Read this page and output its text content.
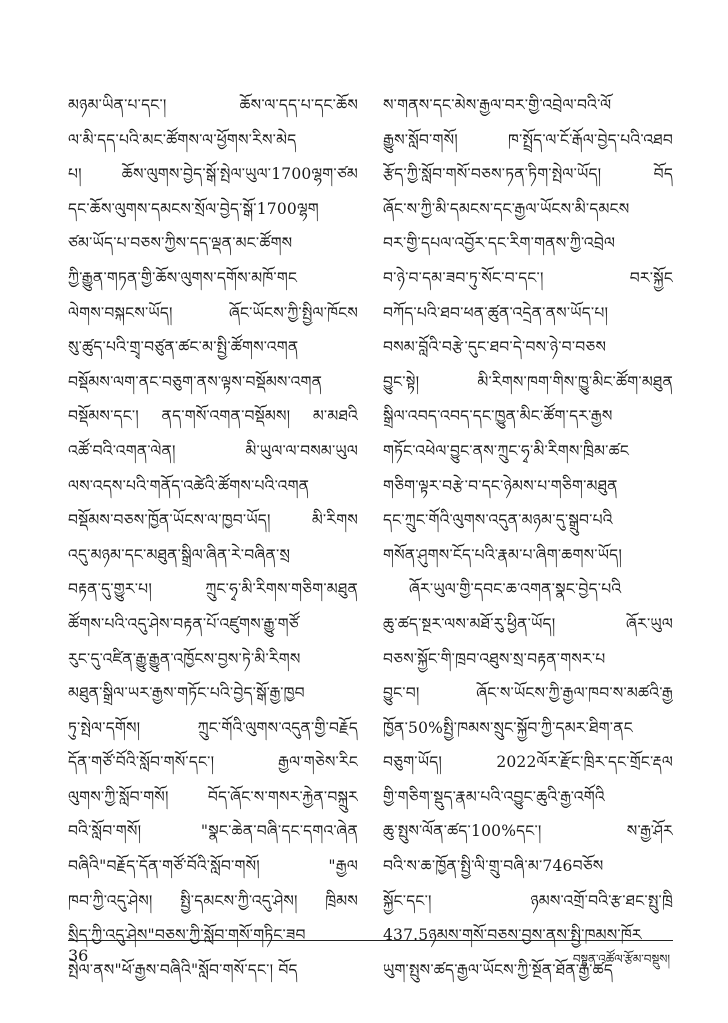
མཉམ་ཡིན་པ་དང་། ཆོས་ལ་དད་པ་དང་ཆོས
ལ་མི་དད་པའི་མང་ཚོགས་ལ་ཕྱོགས་རིས་མེད
པ། ཆོས་ལུགས་བྱེད་སྒོ་སྤེལ་ཡུལ་1700ལྷག་ཙམ
དང་ཆོས་ལུགས་དམངས་སྲོལ་བྱེད་སྒོ་1700ལྷག
ཙམ་ཡོད་པ་བཅས་ཀྱིས་དད་ལྡན་མང་ཚོགས
ཀྱི་རྒྱུན་གཏན་གྱི་ཆོས་ལུགས་དགོས་མཁོ་གང
ལེགས་བསྐངས་ཡོད། ཞོང་ཡོངས་ཀྱི་སྤྱིལ་ཁོངས
སུ་ཚུད་པའི་གྲྭ་བཙུན་ཚང་མ་སྤྱི་ཚོགས་འགན
བསྡོམས་ལག་ནང་བཅུག་ནས་ལྟས་བསྡོམས་འགན
བསྡོམས་དང་། ནད་གསོ་འགན་བསྡོམས། མ་མཐའི
འཚོ་བའི་འགན་ལེན། མི་ཡུལ་ལ་བསམ་ཡུལ
ལས་འདས་པའི་གནོད་འཚེའི་ཚོགས་པའི་འགན
བསྡོམས་བཅས་ཁྱོན་ཡོངས་ལ་ཁྱབ་ཡོད། མི་རིགས
འདུ་མཉམ་དང་མཐུན་སྒྲིལ་ཞིན་རེ་བཞིན་སྲ
བརྟན་དུ་གྱུར་པ། ཀྲུང་ཧྭ་མི་རིགས་གཅིག་མཐུན
ཚོགས་པའི་འདུ་ཤེས་བརྟན་པོ་འཛུགས་རྒྱུ་གཙོ
རུང་དུ་འཛིན་རྒྱུ་རྒྱུན་འཁྱོངས་བྱས་ཏེ་མི་རིགས
མཐུན་སྒྲིལ་ཡར་རྒྱས་གཏོང་པའི་བྱེད་སྒོ་རྒྱ་ཁྱབ
ཏུ་སྤེལ་དགོས། ཀྲུང་གོའི་ལུགས་འདུན་གྱི་བརྗོད
དོན་གཙོ་བོའི་སློབ་གསོ་དང་། རྒྱལ་གཅེས་རིང
ལུགས་ཀྱི་སློབ་གསོ། བོད་ཞོང་ས་གསར་རྐྱེན་བསྐྲུར
བའི་སློབ་གསོ། "སྣང་ཆེན་བཞི་དང་དགའ་ཞེན
བཞིའི"བརྗོད་དོན་གཙོ་བོའི་སློབ་གསོ། "རྒྱལ
ཁབ་ཀྱི་འདུ་ཤེས། སྤྱི་དམངས་ཀྱི་འདུ་ཤེས། ཁྲིམས
སྲིད་ཀྱི་འདུ་ཤེས"བཅས་ཀྱི་སློབ་གསོ་གཏིང་ཟབ
སྤེལ་ནས"ཕོ་རྒྱས་བཞིའི"སློབ་གསོ་དང་། བོད
ས་གནས་དང་མེས་རྒྱལ་བར་གྱི་འབྲེལ་བའི་ལོ
རྒྱུས་སློབ་གསོ། ཁ་སྤྲོད་ལ་ངོ་རྒོལ་བྱེད་པའི་འཐབ
རྩོད་ཀྱི་སློབ་གསོ་བཅས་ཏན་ཏིག་སྤེལ་ཡོད། བོད
ཞོང་ས་ཀྱི་མི་དམངས་དང་རྒྱལ་ཡོངས་མི་དམངས
བར་གྱི་དཔལ་འབྱོར་དང་རིག་གནས་ཀྱི་འབྲེལ
བ་ཉེ་བ་དམ་ཟབ་ཏུ་སོང་བ་དང་། བར་སྐྱོང
བཀོད་པའི་ཐབ་ཕན་ཚུན་འདྲེན་ནས་ཡོད་པ།
བསམ་བློའི་བརྩེ་དུང་ཐབ་དེ་བས་ཉེ་བ་བཅས
བྱུང་སྟེ། མི་རིགས་ཁག་གིས་ཁྱུ་མིང་ཚོག་མཐུན
སྒྲིལ་འབད་འབད་དང་ཁྱུན་མིང་ཚོག་དར་རྒྱས
གཏོང་འཕེལ་བྱུང་ནས་ཀྲུང་ཧྭ་མི་རིགས་ཁྲིམ་ཚང
གཅིག་ལྟར་བརྩེ་བ་དང་ཉེམས་པ་གཅིག་མཐུན
དང་ཀྲུང་གོའི་ལུགས་འདུན་མཉམ་དུ་སྒྲུབ་པའི
གསོན་ཤུགས་ངོད་པའི་རྣམ་པ་ཞིག་ཆགས་ཡོད།
ཞོར་ཡུལ་གྱི་དབང་ཆ་འགན་སྣང་བྱེད་པའི
ཆུ་ཚད་སྔར་ལས་མཐོ་རུ་ཕྱིན་ཡོད། ཞོར་ཡུལ
བཅས་སྐྱོང་གི་ཁྲབ་འཐུས་སྲ་བརྟན་གསར་པ
བྱུང་བ། ཞོང་ས་ཡོངས་ཀྱི་རྒྱལ་ཁབ་ས་མཚའི་རྒྱ
ཁྱོན་50%སྤྱི་ཁམས་སྲུང་སྐྱོབ་ཀྱི་དམར་ཐིག་ནང
བཅུག་ཡོད། 2022ལོར་རྫོང་ཁྲིར་དང་གྲོང་རྡལ
གྱི་གཅིག་སྡུད་རྣམ་པའི་འབྱུང་ཆུའི་རྒྱ་འགོའི
ཆུ་སྤུས་ལོན་ཚད་100%དང་། ས་རྒྱ་ཤོར
བའི་ས་ཆ་ཁྱོན་སྤྱི་ལི་གྲུ་བཞི་མ་746བཅོས
སྐྱོང་དང་། ཉམས་འགྲོ་བའི་རྩ་ཐང་སྤུ་ཁྲི
437.5ཉམས་གསོ་བཅས་བྱས་ནས་སྤྱི་ཁམས་ཁོར
ཡུག་སྤུས་ཚད་རྒྱལ་ཡོངས་ཀྱི་སྔོན་ཐོན་རྒྱ་ཚད
36	བསྟན་འཚོལ་རྩོམ་བསྡུས།
